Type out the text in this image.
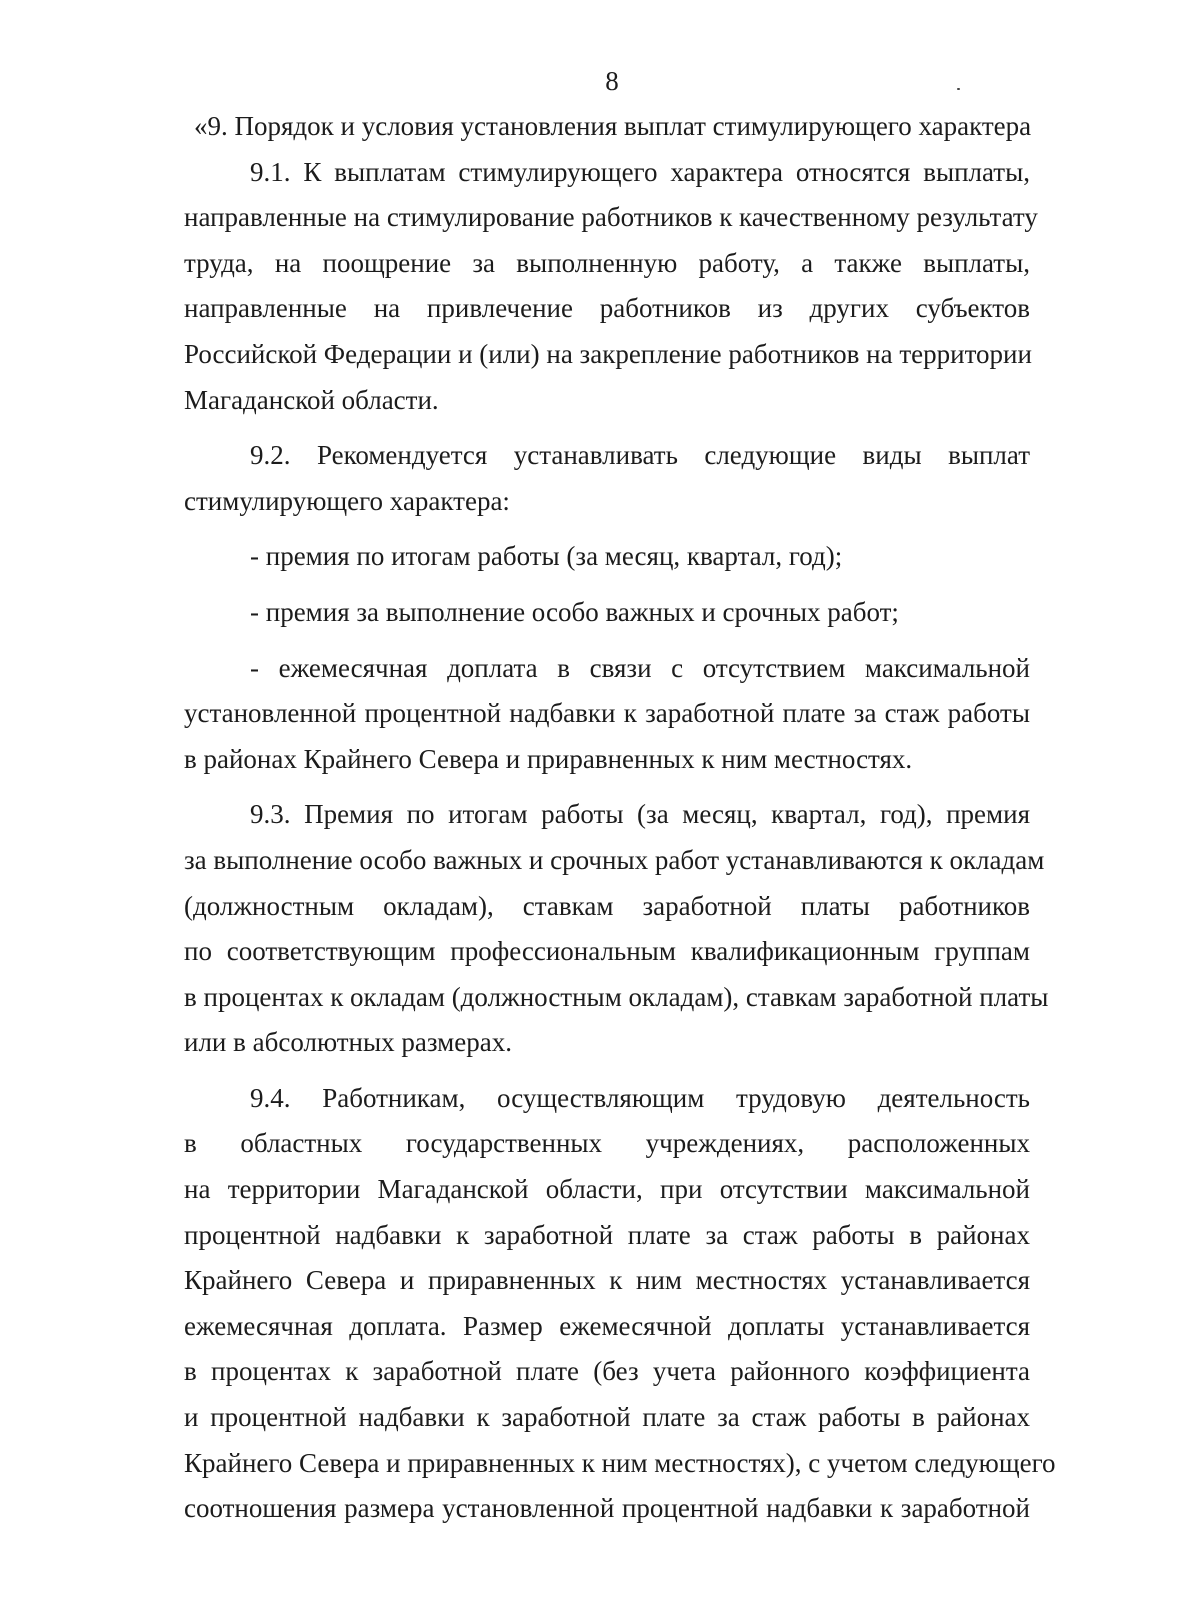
8
«9. Порядок и условия установления выплат стимулирующего характера
9.1. К выплатам стимулирующего характера относятся выплаты,
направленные на стимулирование работников к качественному результату
труда, на поощрение за выполненную работу, а также выплаты,
направленные на привлечение работников из других субъектов
Российской Федерации и (или) на закрепление работников на территории
Магаданской области.
9.2. Рекомендуется устанавливать следующие виды выплат
стимулирующего характера:
- премия по итогам работы (за месяц, квартал, год);
- премия за выполнение особо важных и срочных работ;
- ежемесячная доплата в связи с отсутствием максимальной
установленной процентной надбавки к заработной плате за стаж работы
в районах Крайнего Севера и приравненных к ним местностях.
9.3. Премия по итогам работы (за месяц, квартал, год), премия
за выполнение особо важных и срочных работ устанавливаются к окладам
(должностным окладам), ставкам заработной платы работников
по соответствующим профессиональным квалификационным группам
в процентах к окладам (должностным окладам), ставкам заработной платы
или в абсолютных размерах.
9.4. Работникам, осуществляющим трудовую деятельность
в областных государственных учреждениях, расположенных
на территории Магаданской области, при отсутствии максимальной
процентной надбавки к заработной плате за стаж работы в районах
Крайнего Севера и приравненных к ним местностях устанавливается
ежемесячная доплата. Размер ежемесячной доплаты устанавливается
в процентах к заработной плате (без учета районного коэффициента
и процентной надбавки к заработной плате за стаж работы в районах
Крайнего Севера и приравненных к ним местностях), с учетом следующего
соотношения размера установленной процентной надбавки к заработной
